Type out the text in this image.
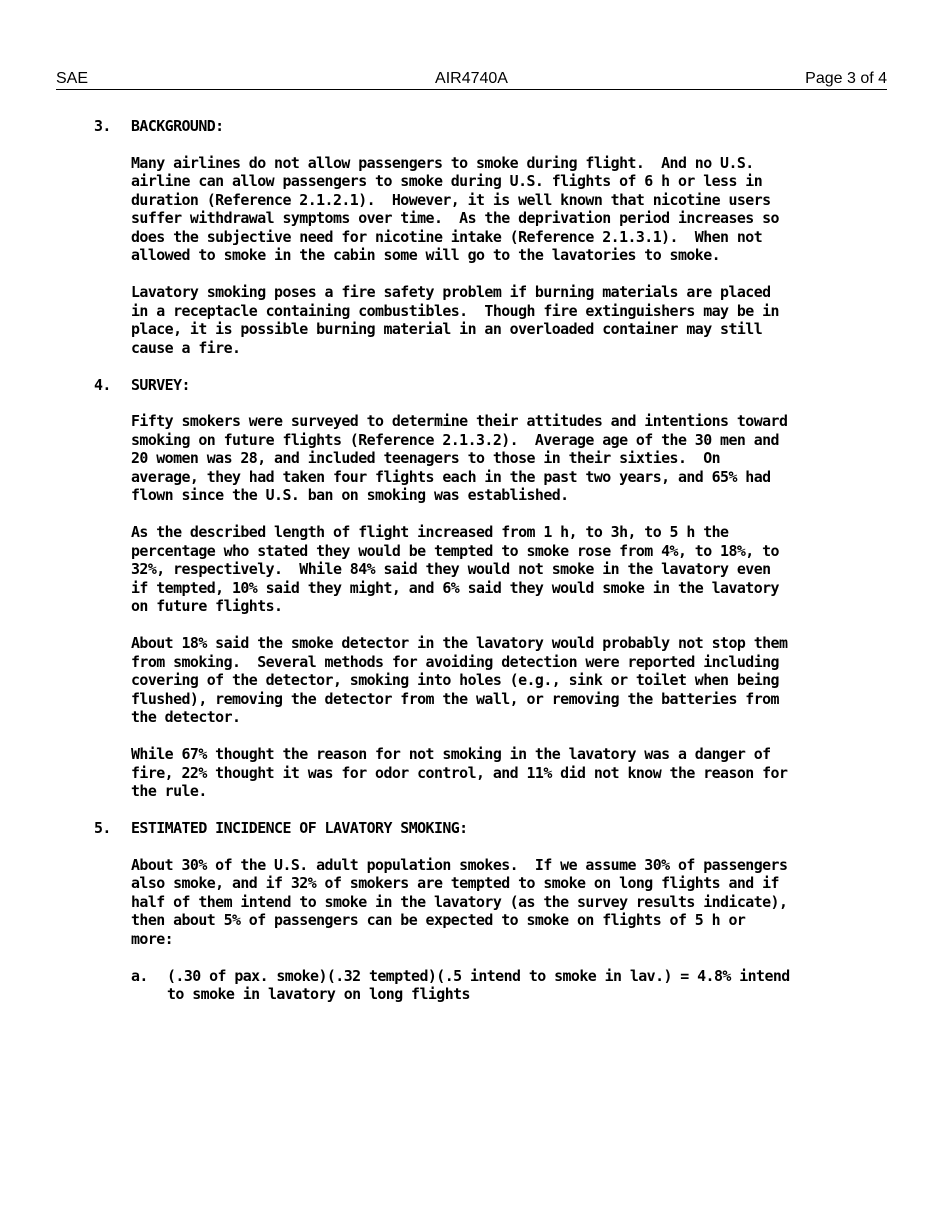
SAE	AIR4740A	Page 3 of 4
3. BACKGROUND:

Many airlines do not allow passengers to smoke during flight.  And no U.S.
airline can allow passengers to smoke during U.S. flights of 6 h or less in
duration (Reference 2.1.2.1).  However, it is well known that nicotine users
suffer withdrawal symptoms over time.  As the deprivation period increases so
does the subjective need for nicotine intake (Reference 2.1.3.1).  When not
allowed to smoke in the cabin some will go to the lavatories to smoke.

Lavatory smoking poses a fire safety problem if burning materials are placed
in a receptacle containing combustibles.  Though fire extinguishers may be in
place, it is possible burning material in an overloaded container may still
cause a fire.

4. SURVEY:

Fifty smokers were surveyed to determine their attitudes and intentions toward
smoking on future flights (Reference 2.1.3.2).  Average age of the 30 men and
20 women was 28, and included teenagers to those in their sixties.  On
average, they had taken four flights each in the past two years, and 65% had
flown since the U.S. ban on smoking was established.

As the described length of flight increased from 1 h, to 3h, to 5 h the
percentage who stated they would be tempted to smoke rose from 4%, to 18%, to
32%, respectively.  While 84% said they would not smoke in the lavatory even
if tempted, 10% said they might, and 6% said they would smoke in the lavatory
on future flights.

About 18% said the smoke detector in the lavatory would probably not stop them
from smoking.  Several methods for avoiding detection were reported including
covering of the detector, smoking into holes (e.g., sink or toilet when being
flushed), removing the detector from the wall, or removing the batteries from
the detector.

While 67% thought the reason for not smoking in the lavatory was a danger of
fire, 22% thought it was for odor control, and 11% did not know the reason for
the rule.

5. ESTIMATED INCIDENCE OF LAVATORY SMOKING:

About 30% of the U.S. adult population smokes.  If we assume 30% of passengers
also smoke, and if 32% of smokers are tempted to smoke on long flights and if
half of them intend to smoke in the lavatory (as the survey results indicate),
then about 5% of passengers can be expected to smoke on flights of 5 h or
more:

a. (.30 of pax. smoke)(.32 tempted)(.5 intend to smoke in lav.) = 4.8% intend
to smoke in lavatory on long flights
